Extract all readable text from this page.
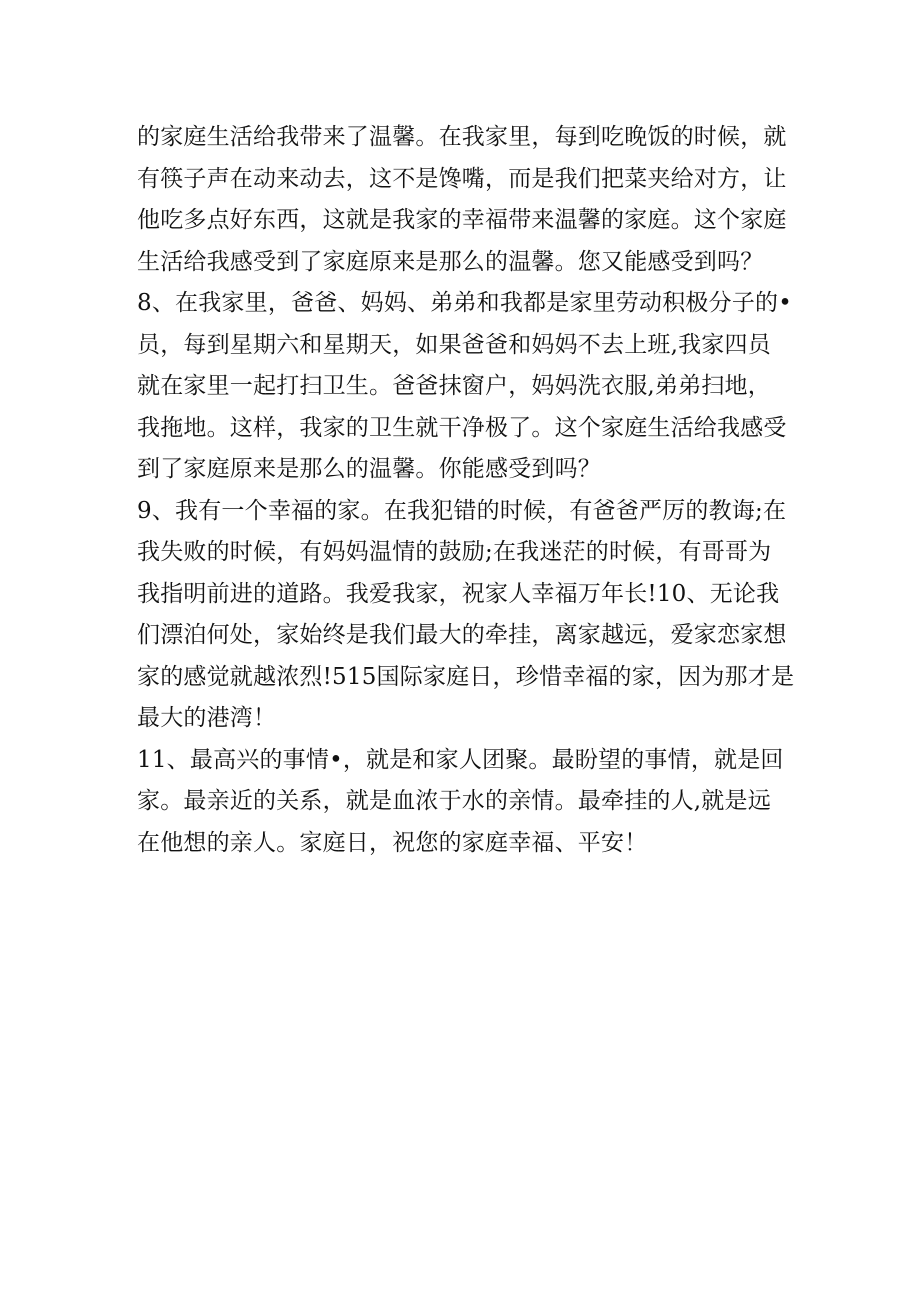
的家庭生活给我带来了温馨。在我家里，每到吃晚饭的时候，就
有筷子声在动来动去，这不是馋嘴，而是我们把菜夹给对方，让
他吃多点好东西，这就是我家的幸福带来温馨的家庭。这个家庭
生活给我感受到了家庭原来是那么的温馨。您又能感受到吗？
8、在我家里，爸爸、妈妈、弟弟和我都是家里劳动积极分子的•
员，每到星期六和星期天，如果爸爸和妈妈不去上班,我家四员
就在家里一起打扫卫生。爸爸抹窗户，妈妈洗衣服,弟弟扫地，
我拖地。这样，我家的卫生就干净极了。这个家庭生活给我感受
到了家庭原来是那么的温馨。你能感受到吗？
9、我有一个幸福的家。在我犯错的时候，有爸爸严厉的教诲;在
我失败的时候，有妈妈温情的鼓励;在我迷茫的时候，有哥哥为
我指明前进的道路。我爱我家，祝家人幸福万年长!10、无论我
们漂泊何处，家始终是我们最大的牵挂，离家越远，爱家恋家想
家的感觉就越浓烈!515国际家庭日，珍惜幸福的家，因为那才是
最大的港湾！
11、最高兴的事情•，就是和家人团聚。最盼望的事情，就是回
家。最亲近的关系，就是血浓于水的亲情。最牵挂的人,就是远
在他想的亲人。家庭日，祝您的家庭幸福、平安！
